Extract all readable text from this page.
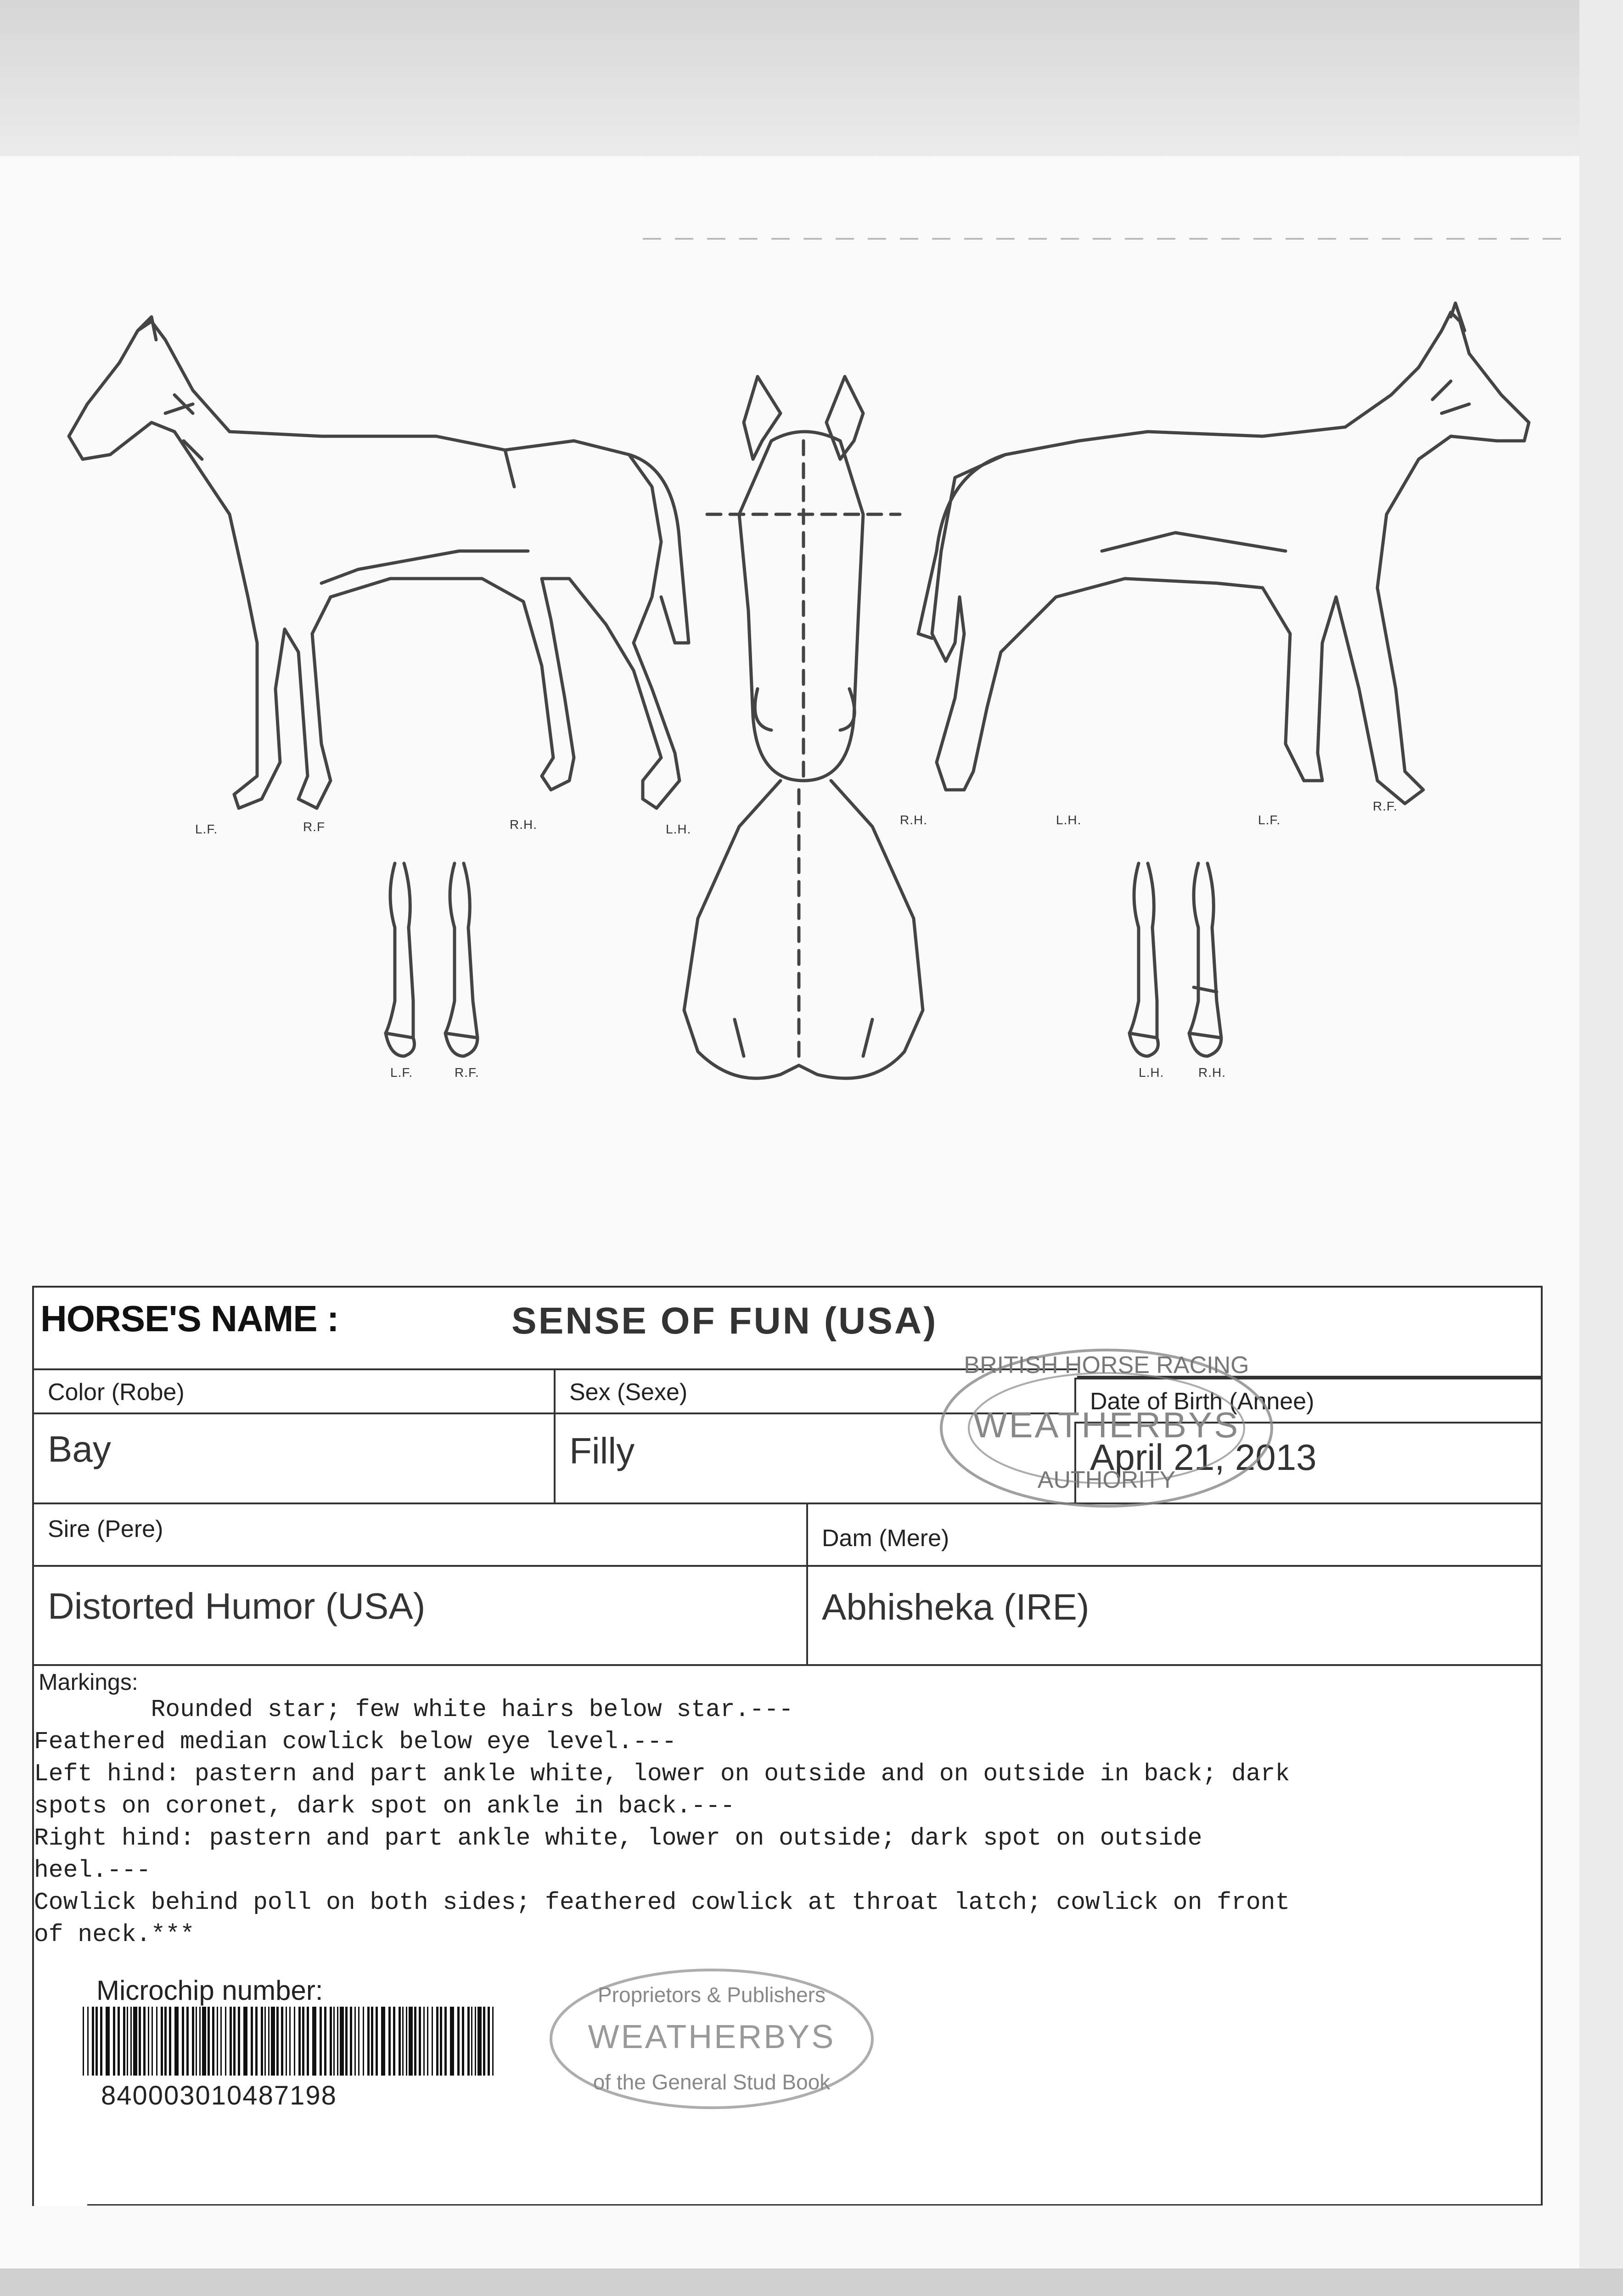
L.F.	R.F	R.H.	L.H.
R.H.	L.H.	L.F.
R.F.
L.F.	R.F.	L.H.	R.H.
HORSE'S NAME :	SENSE OF FUN (USA)
Color (Robe)	Sex (Sexe)	Date of Birth (Annee)
Bay	Filly	April 21, 2013
Sire (Pere)	Dam (Mere)
Distorted Humor (USA)	Abhisheka (IRE)
Markings:
Rounded star; few white hairs below star.---
Feathered median cowlick below eye level.---
Left hind: pastern and part ankle white, lower on outside and on outside in back; dark
spots on coronet, dark spot on ankle in back.---
Right hind: pastern and part ankle white, lower on outside; dark spot on outside
heel.---
Cowlick behind poll on both sides; feathered cowlick at throat latch; cowlick on front
of neck.***
Microchip number:
840003010487198
BRITISH HORSE RACING
WEATHERBYS
AUTHORITY
Proprietors & Publishers
WEATHERBYS
of the General Stud Book
